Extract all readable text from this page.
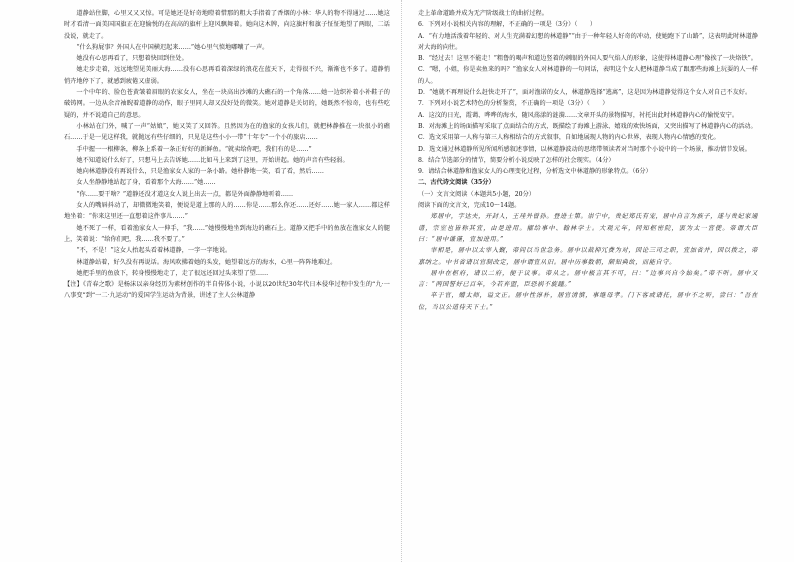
道静站住脚，心里又又又惊。可是她还是好奇地瞪着惜那的粗大手指着了香烟的小林：华人的物不得通过……她这时才看清一面美国国旗正在迎愉悦的在高高的旗杆上迎风飘舞着。她向这木牌，向这旗杆和旗子怔怔地望了两眼，二话没说，就走了。

“什么狗屁事？外国人在中国横迟起来……”她心里气愤地嘟囔了一声。

她没有心思再看了，只想着快回到住处。

她走步走着，远远地望见美丽大海……没有心思再看着深绿的浪花在蓝天下，走得很不兴，渐渐也不多了。道静悄悄卉地停下了，就感到疲倦又虚弱。

一个中年的、脸色苍黄皱着眉眼的农家女人，坐在一块高出沙滩的大礁石的一个角落……她一边织补着小补鞋子的破铸网。一边从余音袖睨着道静的动作，眼子里同人却又没好处的微笑。她对道静是关切的，她既然不惊奇，也有些吃疑的，并不说道自己的意思。

小林站在门外，喊了一声“姑娘”，她又笑了又回答。且然因为在的渔家的女孩儿们，就把林静推在一块很小的礁石……于是一见这样我，就抛远有些仔细的，只见是这些小小一带“十年专”一个小的旅店……

手中握一一根柳条，柳条上系着一条正好好的新鲜鱼。“就卖给你吧，我们有的是……”

她不知道说什么好了，只想马上去告诉她……比如马上来到了这里，开始讲起。她的声音有些轻弱。

她向林道静没有再说什么，只是渔家女人家的一条小路。她朴静地一笑，看了看，然后……

女人坐静静地站起了身，看着那个大海……”她……

“你……要干啥？”道静还没才道这女人说上出去一点，都是外面静静地听着……

女人的嘴唇抖动了，却微微地笑着，便说是道上那的人的……你是……那么你还……还好……她一家人……都这样地坐着：“你来这里还一直想着这件事儿……”

她不死了一样，看着渔家女人一伸手，“我……”她慢慢地坐到海边的礁石上。道静又把手中的鱼放在渔家女人的腿上，笑着说：“给你们吧，我……我不要了。”

“不，不是！”这女人抬起头看着林道静，一字一字地说。

林道静站着，好久没有再说话。海风吹拂着她的头发，她望着远方的海水，心里一阵阵地难过。

她把手里的鱼放下，转身慢慢地走了，走了很远还回过头来望了望……

【注】《青春之歌》是杨沫以亲身经历为素材创作的半自传体小说，小说以20世纪30年代日本侵华过程中发生的“九·一八事变”到“一二·九运动”的爱国学生运动为背景，讲述了主人公林道静

走上革命道路并成为无产阶级战士的曲折过程。

6．下列对小说相关内容的理解，不正确的一项是（3分）（　　）

A．“有力地活泼着年轻的、对人生充满着幻想的林道静”“由于一种年轻人好奇的冲动，使她跑下了山路”，这表明此时林道静对大海的向往。

B．“经过去！这里不能走！”粗鲁的喝声和道边竖着的刺眼的外国人要气焰人的形象，这使得林道静心理“像挨了一块烙铁”。

C．“嗯，小姐，你是卖鱼来的吗？”渔家女人对林道静的一句问话，表明这个女人把林道静当成了跟那些海滩上玩耍的人一样的人。

D．“她就不再理说什么赶快走开了”，面对渔诺的女人，林道静选择“逃离”，这是因为林道静觉得这个女人对自己不友好。

7．下列对小说艺术特色的分析鉴赏，不正确的一项是（3分）（　　）

A．这汶的日光，霞蔼、哗哗的海水，随风荡漾的涟漪……文章开头的景物描写，衬托出此时林道静内心的愉悦安宁。

B．对海滩上的场面描写采取了点面结合的方式，既描绘了海滩上游泳、嬉戏的欢快场面，又突出描写了林道静内心的活动。

C．选文采用第一人称与第三人称相结合的方式叙事，自如地展现人物的内心世界，表现人物内心情感的变化。

D．选文通过林道静所见所闻所感叙述事情，以林道静波动的思绪带领读者对当时那个小说中的一个场景，推动情节发展。

8．结合节选部分的情节，简要分析小说反映了怎样的社会现实。（4分）

9．请结合林道静和渔家女人的心理变化过程，分析选文中林道静的形象特点。（6分）

二、古代诗文阅读（35分）

（一）文言文阅读（本题共5小题，20分）

阅读下面的文言文，完成10～14题。

郑居中，字达夫，开封人，王珪外曾孙。登进士第。崇宁中，贵妃郑氏有宠，居中自言为族子，遂与贵妃家通谱，宗室也皆称其宜，由是进用。擢给事中、翰林学士。大观元年，同知枢密院，罢为太一宫使。帝谓大臣曰：“居中谦谨，宜加进用。”

宰相是，居中以太宰入觐，帝问以当世急务。居中以裁抑冗费为对，因论三司之职，宜加省并，因以拨之，帝嘉纳之。中书省请以官制改定，居中谓宜从旧。居中历事数朝，颇知典故，而能自守。

居中在枢府，请以二府，便于议事。帝从之。居中极言其不可，曰：“边事兴自今始矣。”帝不听。居中又言：“两国誓好已百年，今若弃盟，臣恐祸不旋踵。”

卒于官，赠太师，谥文正。居中性淳朴，居官清慎，事继母孝。门下客或请托，居中不之听，尝曰：“吾在位，当以公道待天下士。”
